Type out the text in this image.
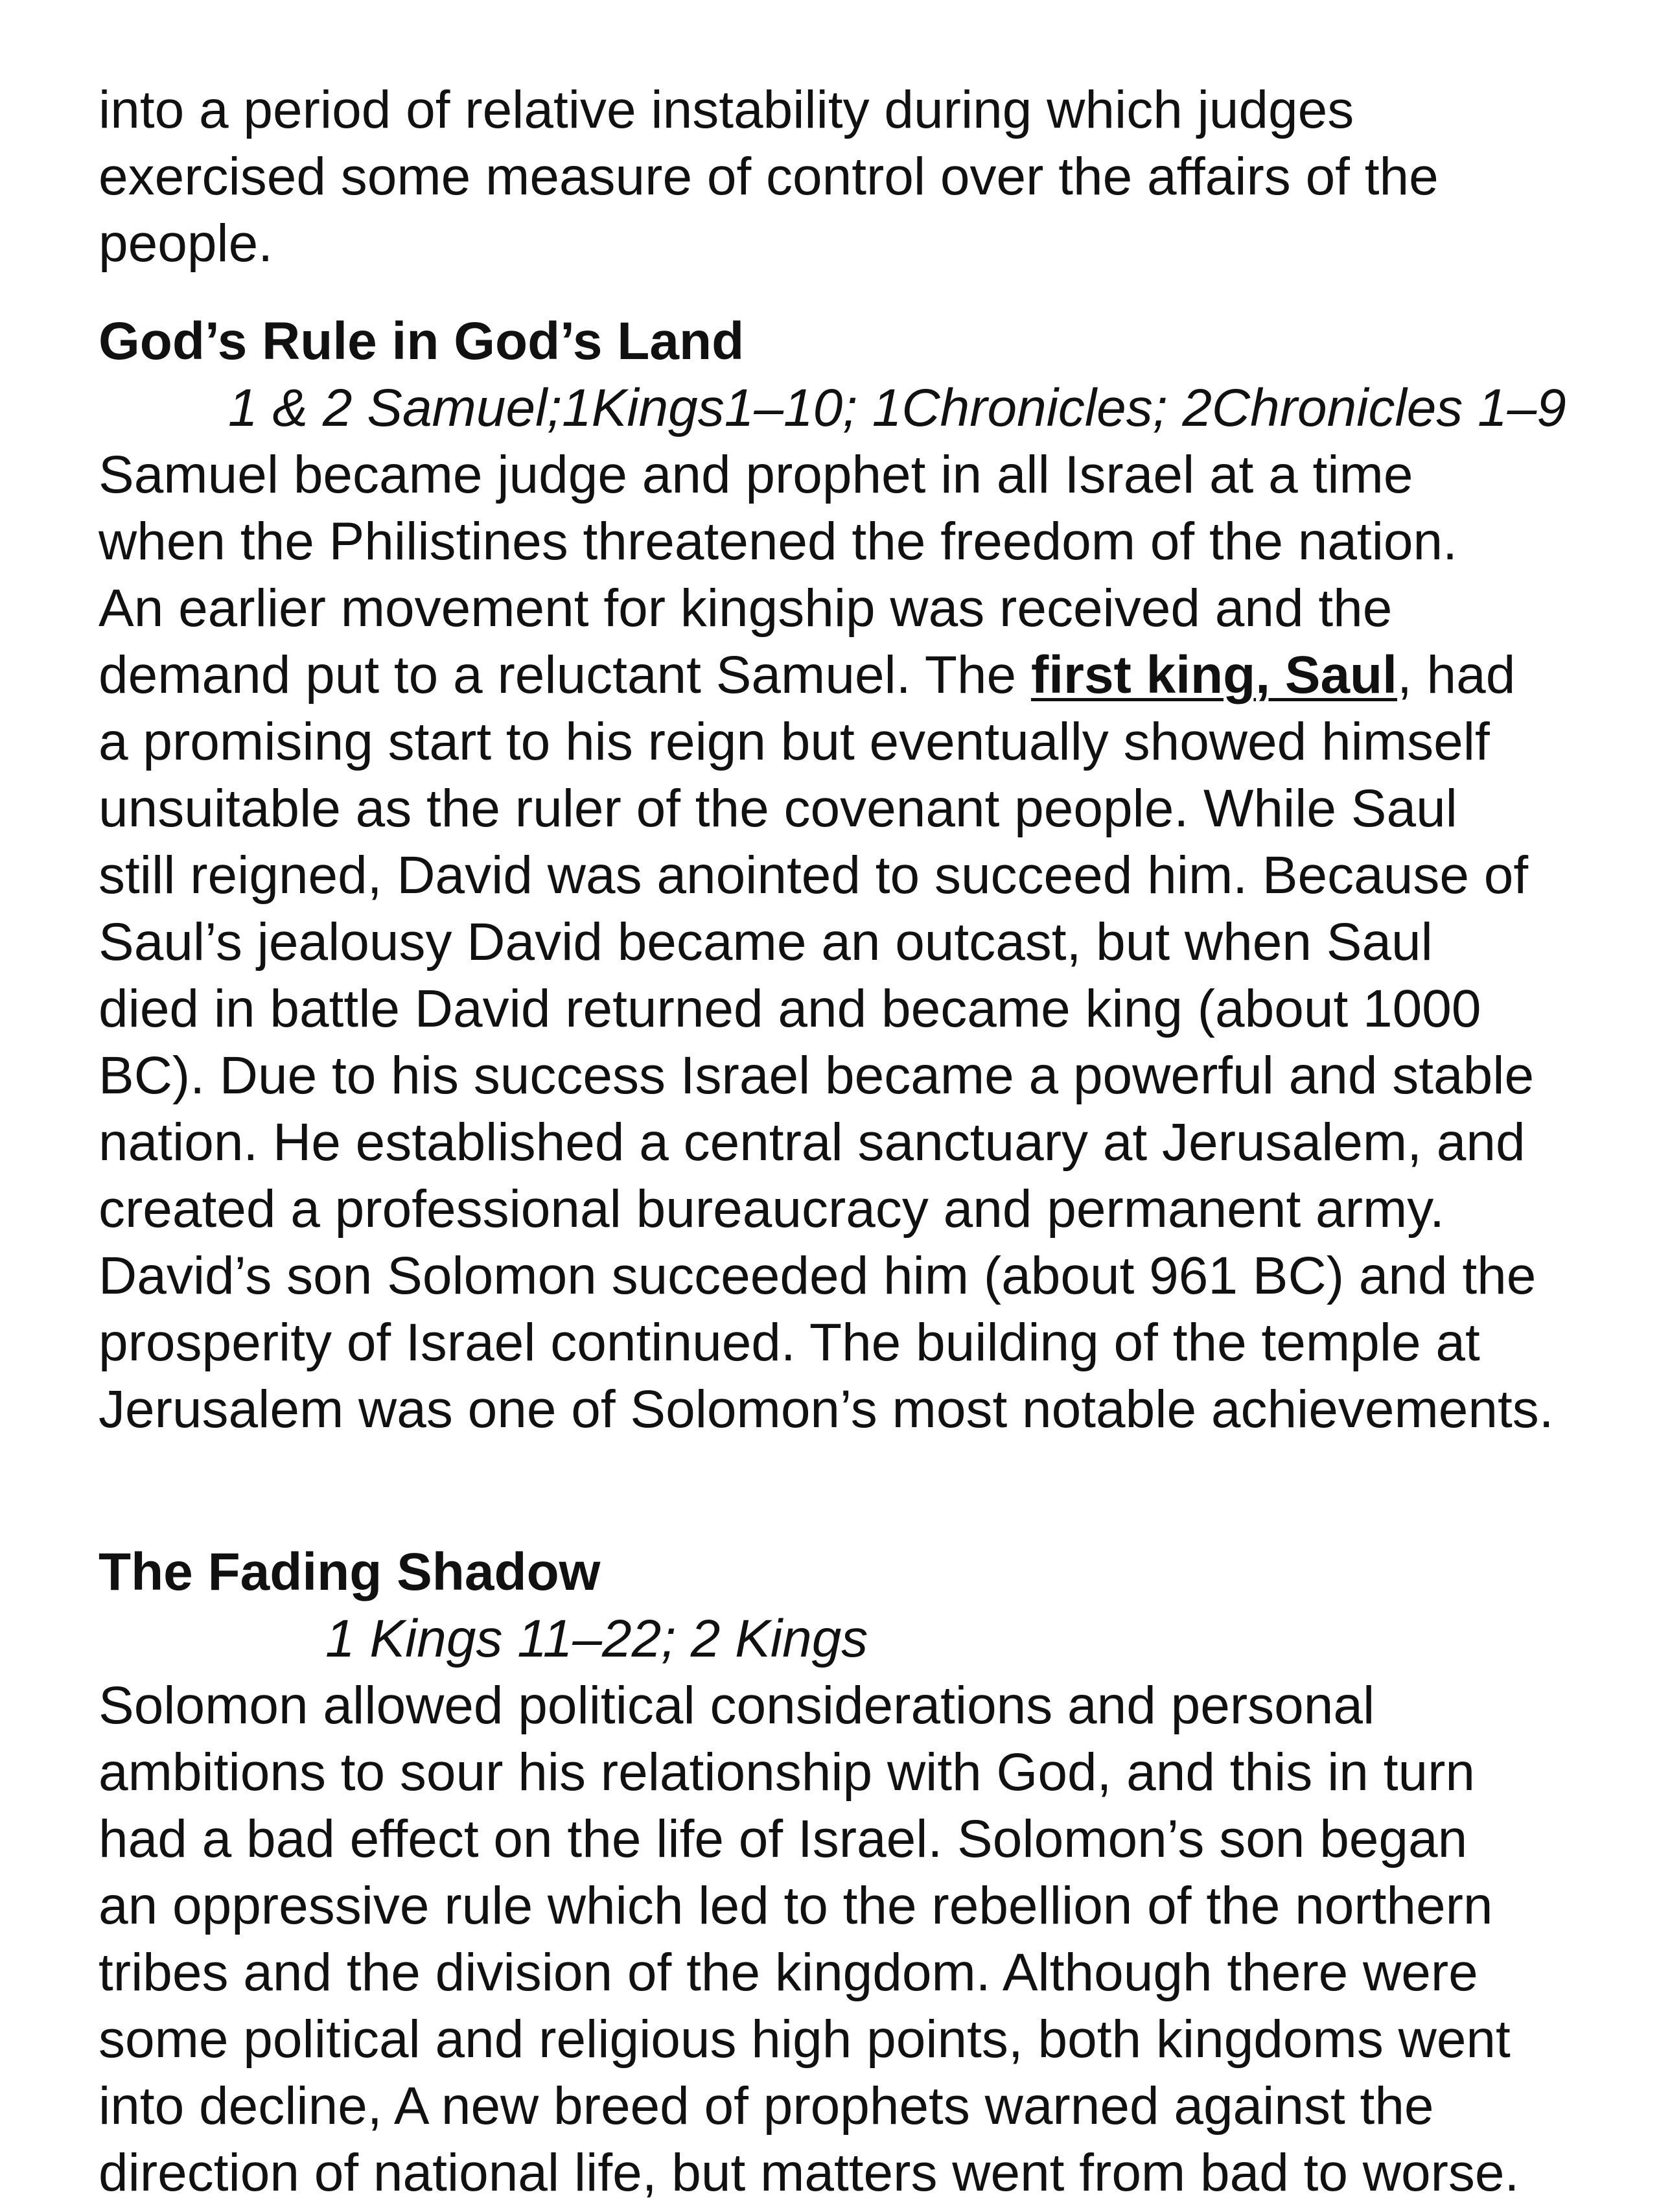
into a period of relative instability during which judges
exercised some measure of control over the affairs of the
people.
God’s Rule in God’s Land
1 & 2 Samuel;1Kings1–10; 1Chronicles; 2Chronicles 1–9
Samuel became judge and prophet in all Israel at a time
when the Philistines threatened the freedom of the nation.
An earlier movement for kingship was received and the
demand put to a reluctant Samuel. The first king, Saul, had
a promising start to his reign but eventually showed himself
unsuitable as the ruler of the covenant people. While Saul
still reigned, David was anointed to succeed him. Because of
Saul’s jealousy David became an outcast, but when Saul
died in battle David returned and became king (about 1000
BC). Due to his success Israel became a powerful and stable
nation. He established a central sanctuary at Jerusalem, and
created a professional bureaucracy and permanent army.
David’s son Solomon succeeded him (about 961 BC) and the
prosperity of Israel continued. The building of the temple at
Jerusalem was one of Solomon’s most notable achievements.
The Fading Shadow
1 Kings 11–22; 2 Kings
Solomon allowed political considerations and personal
ambitions to sour his relationship with God, and this in turn
had a bad effect on the life of Israel. Solomon’s son began
an oppressive rule which led to the rebellion of the northern
tribes and the division of the kingdom. Although there were
some political and religious high points, both kingdoms went
into decline, A new breed of prophets warned against the
direction of national life, but matters went from bad to worse.
